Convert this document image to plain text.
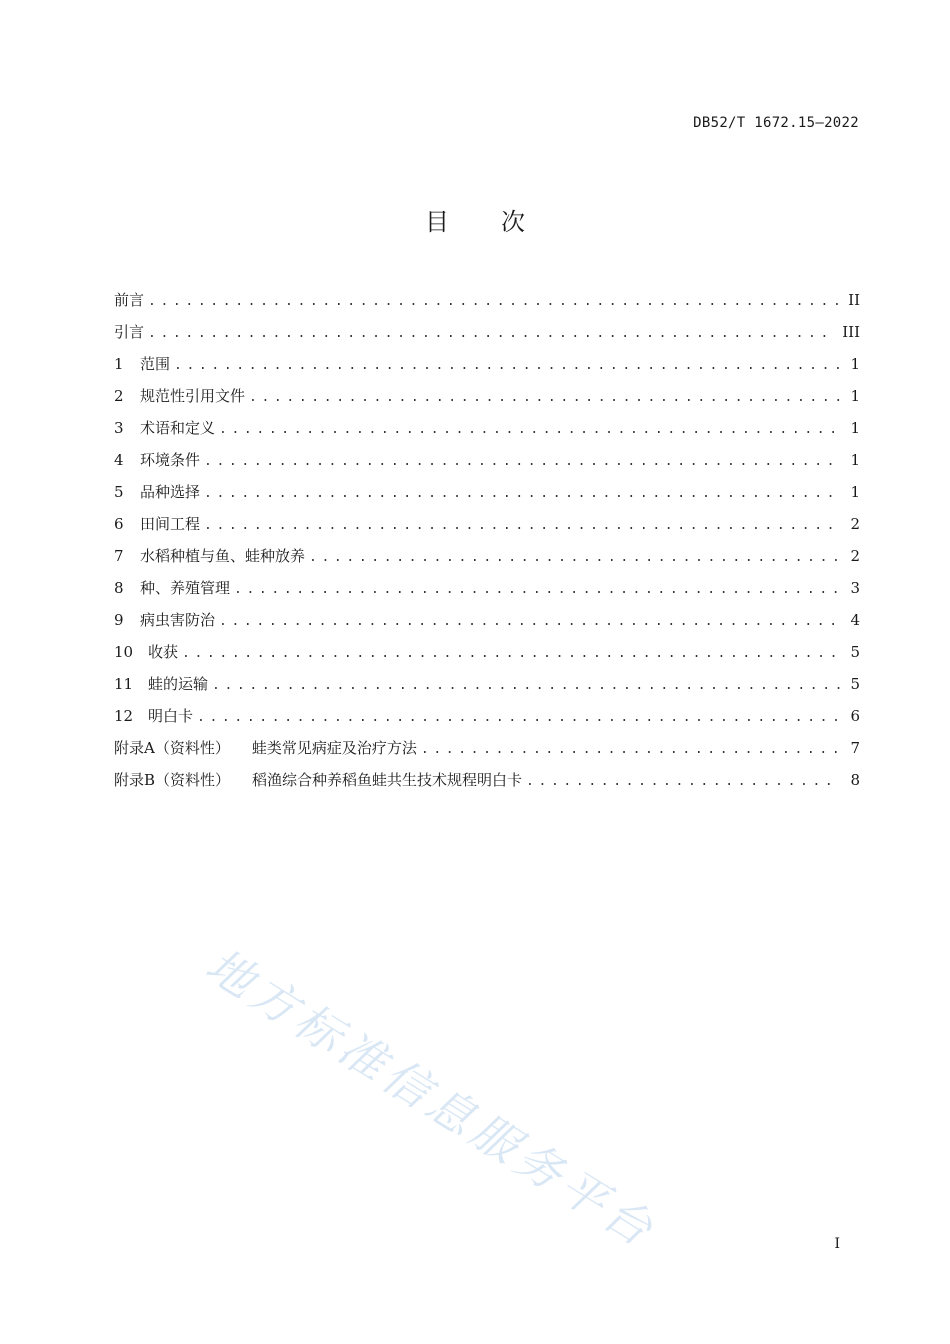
DB52/T 1672.15—2022
目 次
前言 . . .	II
引言 . . .	III
1	范围 . . .	1
2	规范性引用文件 . . .	1
3	术语和定义 . . .	1
4	环境条件 . . .	1
5	品种选择 . . .	1
6	田间工程 . . .	2
7	水稻种植与鱼、蛙种放养 . . .	2
8	种、养殖管理 . . .	3
9	病虫害防治 . . .	4
10 收获 . . .	5
11 蛙的运输 . . .	5
12 明白卡 . . .	6
附录A（资料性） 蛙类常见病症及治疗方法 . . .	7
附录B（资料性） 稻渔综合种养稻鱼蛙共生技术规程明白卡 . . .	8
地方标准信息服务平台	I
